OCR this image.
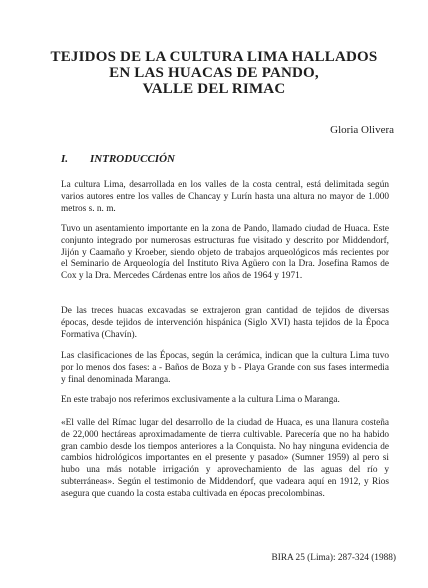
TEJIDOS DE LA CULTURA LIMA HALLADOS
EN LAS HUACAS DE PANDO,
VALLE DEL RIMAC

Gloria Olivera

I. INTRODUCCIÓN

La cultura Lima, desarrollada en los valles de la costa central, está delimitada según varios autores entre los valles de Chancay y Lurín hasta una altura no mayor de 1.000 metros s. n. m.

Tuvo un asentamiento importante en la zona de Pando, llamado ciudad de Huaca. Este conjunto integrado por numerosas estructuras fue visitado y descrito por Middendorf, Jijón y Caamaño y Kroeber, siendo objeto de trabajos arqueológicos más recientes por el Seminario de Arqueología del Instituto Riva Agüero con la Dra. Josefina Ramos de Cox y la Dra. Mercedes Cárdenas entre los años de 1964 y 1971.

De las treces huacas excavadas se extrajeron gran cantidad de tejidos de diversas épocas, desde tejidos de intervención hispánica (Siglo XVI) hasta tejidos de la Época Formativa (Chavín).

Las clasificaciones de las Épocas, según la cerámica, indican que la cultura Lima tuvo por lo menos dos fases: a - Baños de Boza y b - Playa Grande con sus fases intermedia y final denominada Maranga.

En este trabajo nos referimos exclusivamente a la cultura Lima o Maranga.

«El valle del Rímac lugar del desarrollo de la ciudad de Huaca, es una llanura costeña de 22,000 hectáreas aproximadamente de tierra cultivable. Parecería que no ha habido gran cambio desde los tiempos anteriores a la Conquista. No hay ninguna evidencia de cambios hidrológicos importantes en el presente y pasado» (Sumner 1959) al pero si hubo una más notable irrigación y aprovechamiento de las aguas del río y subterráneas». Según el testimonio de Middendorf, que vadeara aquí en 1912, y Rios asegura que cuando la costa estaba cultivada en épocas precolombinas.

BIRA 25 (Lima): 287-324 (1988)
